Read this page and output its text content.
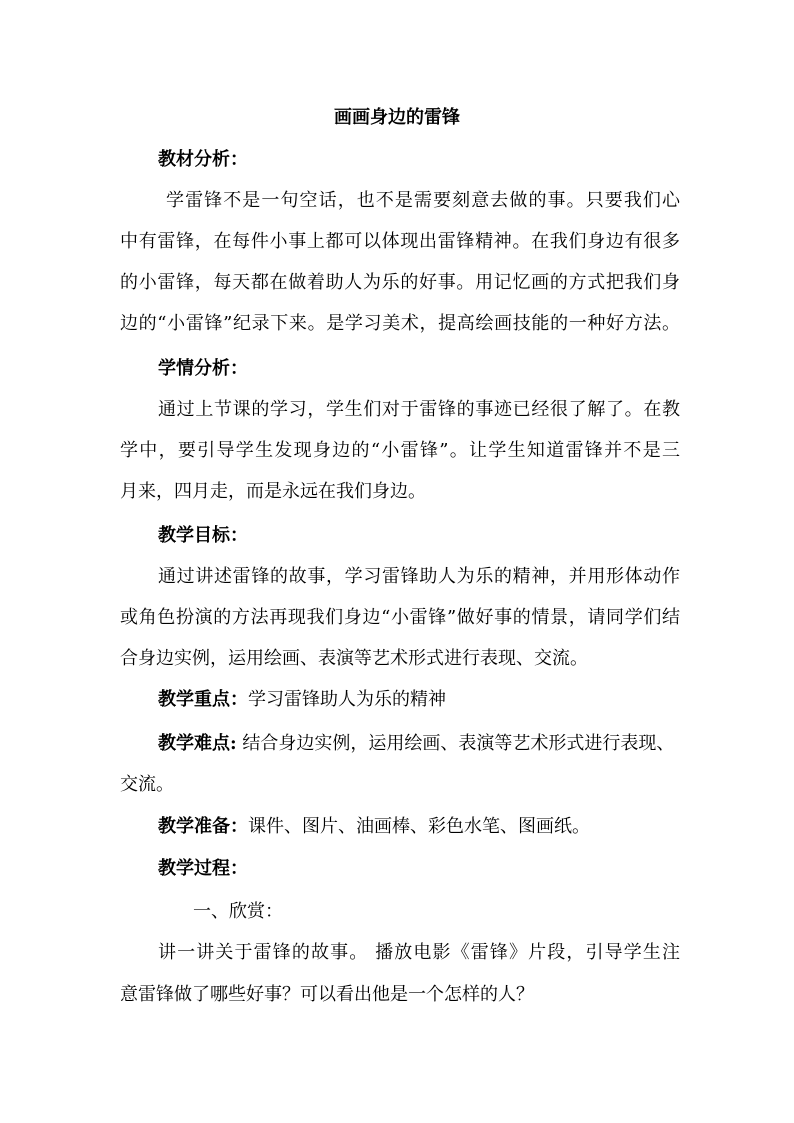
画画身边的雷锋
教材分析：
学雷锋不是一句空话，也不是需要刻意去做的事。只要我们心
中有雷锋，在每件小事上都可以体现出雷锋精神。在我们身边有很多
的小雷锋，每天都在做着助人为乐的好事。用记忆画的方式把我们身
边的“小雷锋”纪录下来。是学习美术，提高绘画技能的一种好方法。
学情分析：
通过上节课的学习，学生们对于雷锋的事迹已经很了解了。在教
学中，要引导学生发现身边的“小雷锋”。让学生知道雷锋并不是三
月来，四月走，而是永远在我们身边。
教学目标：
通过讲述雷锋的故事，学习雷锋助人为乐的精神，并用形体动作
或角色扮演的方法再现我们身边“小雷锋”做好事的情景，请同学们结
合身边实例，运用绘画、表演等艺术形式进行表现、交流。
教学重点：学习雷锋助人为乐的精神
教学难点: 结合身边实例，运用绘画、表演等艺术形式进行表现、
交流。
教学准备：课件、图片、油画棒、彩色水笔、图画纸。
教学过程：
一、欣赏：
讲一讲关于雷锋的故事。 播放电影《雷锋》片段，引导学生注
意雷锋做了哪些好事？可以看出他是一个怎样的人？
